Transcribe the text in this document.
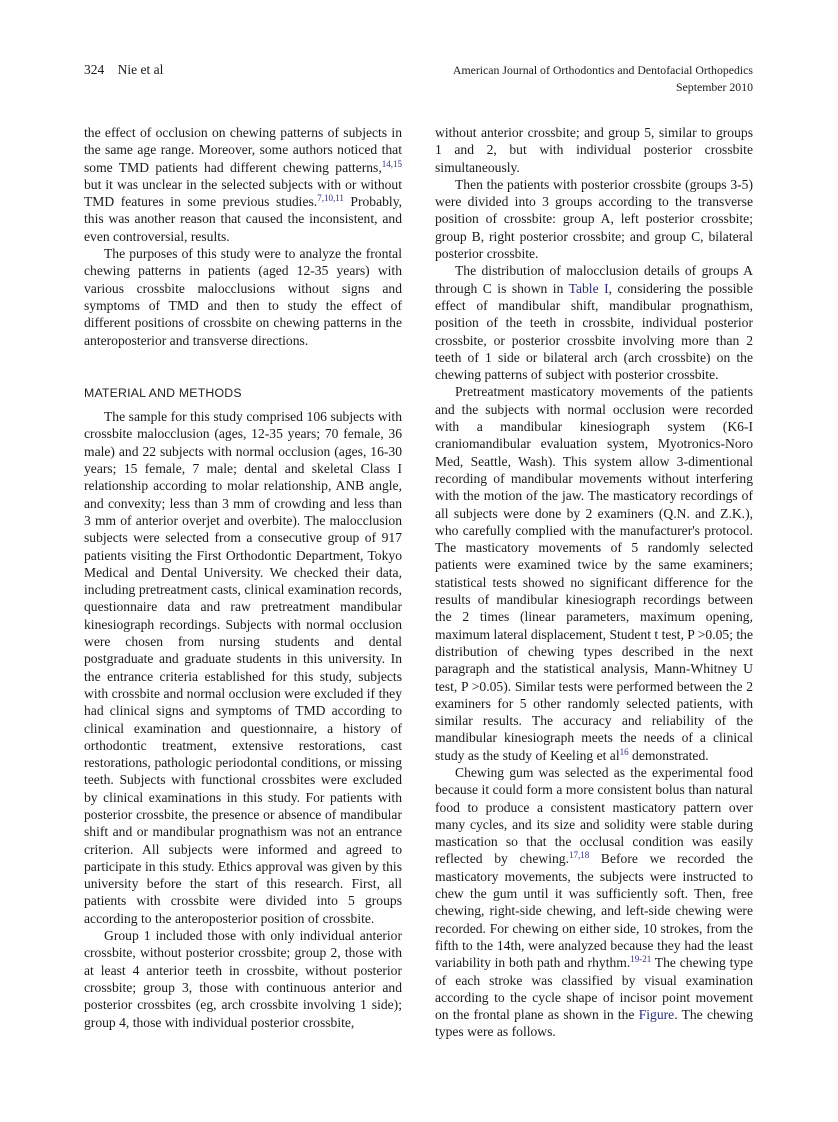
324 Nie et al	American Journal of Orthodontics and Dentofacial Orthopedics
September 2010

the effect of occlusion on chewing patterns of subjects in the same age range. Moreover, some authors noticed that some TMD patients had different chewing patterns,$^{14,15}$ but it was unclear in the selected subjects with or without TMD features in some previous studies.$^{7,10,11}$ Probably, this was another reason that caused the inconsistent, and even controversial, results.

The purposes of this study were to analyze the frontal chewing patterns in patients (aged 12-35 years) with various crossbite malocclusions without signs and symptoms of TMD and then to study the effect of different positions of crossbite on chewing patterns in the anteroposterior and transverse directions.

MATERIAL AND METHODS

The sample for this study comprised 106 subjects with crossbite malocclusion (ages, 12-35 years; 70 female, 36 male) and 22 subjects with normal occlusion (ages, 16-30 years; 15 female, 7 male; dental and skeletal Class I relationship according to molar relationship, ANB angle, and convexity; less than 3 mm of crowding and less than 3 mm of anterior overjet and overbite). The malocclusion subjects were selected from a consecutive group of 917 patients visiting the First Orthodontic Department, Tokyo Medical and Dental University. We checked their data, including pretreatment casts, clinical examination records, questionnaire data and raw pretreatment mandibular kinesiograph recordings. Subjects with normal occlusion were chosen from nursing students and dental postgraduate and graduate students in this university. In the entrance criteria established for this study, subjects with crossbite and normal occlusion were excluded if they had clinical signs and symptoms of TMD according to clinical examination and questionnaire, a history of orthodontic treatment, extensive restorations, cast restorations, pathologic periodontal conditions, or missing teeth. Subjects with functional crossbites were excluded by clinical examinations in this study. For patients with posterior crossbite, the presence or absence of mandibular shift and or mandibular prognathism was not an entrance criterion. All subjects were informed and agreed to participate in this study. Ethics approval was given by this university before the start of this research. First, all patients with crossbite were divided into 5 groups according to the anteroposterior position of crossbite.

Group 1 included those with only individual anterior crossbite, without posterior crossbite; group 2, those with at least 4 anterior teeth in crossbite, without posterior crossbite; group 3, those with continuous anterior and posterior crossbites (eg, arch crossbite involving 1 side); group 4, those with individual posterior crossbite,

without anterior crossbite; and group 5, similar to groups 1 and 2, but with individual posterior crossbite simultaneously.

Then the patients with posterior crossbite (groups 3-5) were divided into 3 groups according to the transverse position of crossbite: group A, left posterior crossbite; group B, right posterior crossbite; and group C, bilateral posterior crossbite.

The distribution of malocclusion details of groups A through C is shown in Table I, considering the possible effect of mandibular shift, mandibular prognathism, position of the teeth in crossbite, individual posterior crossbite, or posterior crossbite involving more than 2 teeth of 1 side or bilateral arch (arch crossbite) on the chewing patterns of subject with posterior crossbite.

Pretreatment masticatory movements of the patients and the subjects with normal occlusion were recorded with a mandibular kinesiograph system (K6-I craniomandibular evaluation system, Myotronics-Noro Med, Seattle, Wash). This system allow 3-dimentional recording of mandibular movements without interfering with the motion of the jaw. The masticatory recordings of all subjects were done by 2 examiners (Q.N. and Z.K.), who carefully complied with the manufacturer's protocol. The masticatory movements of 5 randomly selected patients were examined twice by the same examiners; statistical tests showed no significant difference for the results of mandibular kinesiograph recordings between the 2 times (linear parameters, maximum opening, maximum lateral displacement, Student t test, P >0.05; the distribution of chewing types described in the next paragraph and the statistical analysis, Mann-Whitney U test, P >0.05). Similar tests were performed between the 2 examiners for 5 other randomly selected patients, with similar results. The accuracy and reliability of the mandibular kinesiograph meets the needs of a clinical study as the study of Keeling et $al^{16}$ demonstrated.

Chewing gum was selected as the experimental food because it could form a more consistent bolus than natural food to produce a consistent masticatory pattern over many cycles, and its size and solidity were stable during mastication so that the occlusal condition was easily reflected by chewing.$^{17,18}$ Before we recorded the masticatory movements, the subjects were instructed to chew the gum until it was sufficiently soft. Then, free chewing, right-side chewing, and left-side chewing were recorded. For chewing on either side, 10 strokes, from the fifth to the 14th, were analyzed because they had the least variability in both path and rhythm.$^{19-21}$ The chewing type of each stroke was classified by visual examination according to the cycle shape of incisor point movement on the frontal plane as shown in the Figure. The chewing types were as follows.
